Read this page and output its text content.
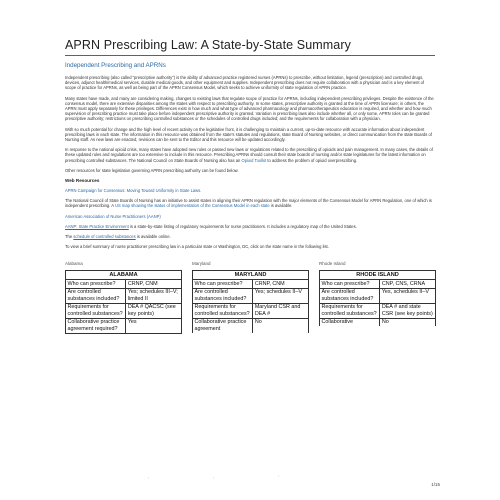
APRN Prescribing Law: A State-by-State Summary
Independent Prescribing and APRNs

Independent prescribing (also called “prescriptive authority”) is the ability of advanced practice registered nurses (APRNs) to prescribe, without limitation, legend (prescription) and controlled drugs, devices, adjunct health/medical services, durable medical goods, and other equipment and supplies. Independent prescribing does not require collaboration with a physician and is a key element of scope of practice for APRNs, as well as being part of the APRN Consensus Model, which seeks to achieve uniformity of state regulation of APRN practice.

Many states have made, and many are considering making, changes to existing laws that regulate scope of practice for APRNs, including independent prescribing privileges. Despite the existence of the consensus model, there are extensive disparities among the states with respect to prescribing authority. In some states, prescriptive authority is granted at the time of APRN licensure; in others, the APRN must apply separately for these privileges. Differences exist in how much and what type of advanced pharmacology and pharmacotherapeutics education is required, and whether and how much supervision of prescribing practice must take place before independent prescriptive authority is granted. Variation in prescribing laws also include whether all, or only some, APRN roles can be granted prescriptive authority; restrictions on prescribing controlled substances or the schedules of controlled drugs included; and the requirements for collaboration with a physician.

With so much potential for change and the high level of recent activity on the legislative front, it is challenging to maintain a current, up-to-date resource with accurate information about independent prescribing laws in each state. The information in this resource was obtained from the state’s statutes and regulations, state Board of Nursing websites, or direct communication from the state Boards of Nursing staff. As new laws are enacted, revisions can be sent to the Editor and this resource will be updated accordingly.

In response to the national opioid crisis, many states have adopted new rules or passed new laws or regulations related to the prescribing of opioids and pain management. In many cases, the details of these updated rules and regulations are too extensive to include in this resource. Prescribing APRNs should consult their state boards of nursing and/or state legislatures for the latest information on prescribing controlled substances. The National Council on State Boards of Nursing also has an Opioid Toolkit to address the problem of opioid overprescribing.

Other resources for state legislation governing APRN prescribing authority can be found below.

Web Resources

APRN Campaign for Consensus: Moving Toward Uniformity in State Laws.

The National Council of State Boards of Nursing has an initiative to assist states in aligning their APRN regulation with the major elements of the Consensus Model for APRN Regulation, one of which is independent prescribing. A US map showing the status of implementation of the Consensus Model in each state is available.

American Association of Nurse Practitioners (AANP)

AANP: State Practice Environment is a state-by-state listing of regulatory requirements for nurse practitioners. It includes a regulatory map of the United States.

The schedule of controlled substances is available online.

To view a brief summary of nurse practitioner prescribing law in a particular state or Washington, DC, click on the state name in the following list.

Alabama
ALABAMA	
Who can prescribe?	CRNP, CNM
Are controlled substances included?	Yes; schedules III–V; limited II
Requirements for controlled substances?	DEA # QACSC (see key points)
Collaborative practice agreement required?	Yes
Maryland
MARYLAND	
Who can prescribe?	CRNP, CNM
Are controlled substances included?	Yes; schedules II–V
Requirements for controlled substances?	Maryland CSR and DEA #
Collaborative practice agreement	No
Rhode Island
RHODE ISLAND	
Who can prescribe?	CNP, CNS, CRNA
Are controlled substances included?	Yes, schedules II–V
Requirements for controlled substances?	DEA # and state CSR (see key points)
Collaborative	No
,	,	'
1/15
